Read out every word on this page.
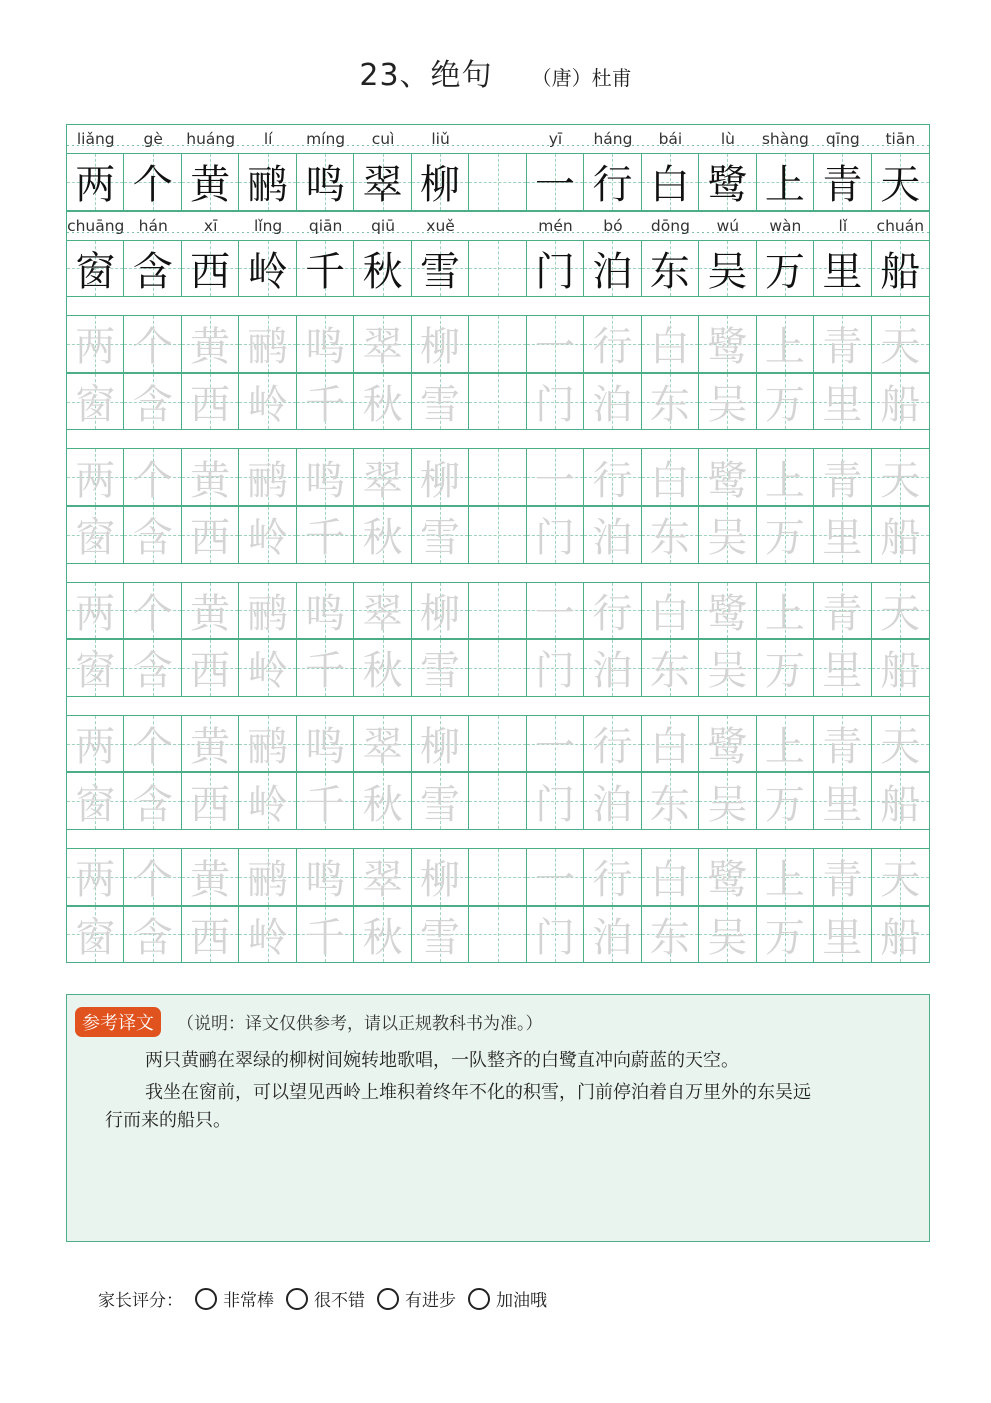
23、绝句 （唐）杜甫
liǎng	gè	huáng	lí	míng	cuì	liǔ	yī	háng	bái	lù	shàng	qīng	tiān
两 个 黄 鹂 鸣 翠 柳 一 行 白 鹭 上 青 天
chuāng hán	xī	lǐng	qiān	qiū	xuě	mén	bó	dōng	wú	wàn	lǐ	chuán
窗 含 西 岭 千 秋 雪 门 泊 东 吴 万 里 船
两 个 黄 鹂 鸣 翠 柳 一 行 白 鹭 上 青 天
窗 含 西 岭 千 秋 雪 门 泊 东 吴 万 里 船
两 个 黄 鹂 鸣 翠 柳 一 行 白 鹭 上 青 天
窗 含 西 岭 千 秋 雪 门 泊 东 吴 万 里 船
两 个 黄 鹂 鸣 翠 柳 一 行 白 鹭 上 青 天
窗 含 西 岭 千 秋 雪 门 泊 东 吴 万 里 船
两 个 黄 鹂 鸣 翠 柳 一 行 白 鹭 上 青 天
窗 含 西 岭 千 秋 雪 门 泊 东 吴 万 里 船
两 个 黄 鹂 鸣 翠 柳 一 行 白 鹭 上 青 天
窗 含 西 岭 千 秋 雪 门 泊 东 吴 万 里 船
参考译文	（说明：译文仅供参考，请以正规教科书为准。）
两只黄鹂在翠绿的柳树间婉转地歌唱，一队整齐的白鹭直冲向蔚蓝的天空。
我坐在窗前，可以望见西岭上堆积着终年不化的积雪，门前停泊着自万里外的东吴远
行而来的船只。
家长评分： 非常棒 很不错 有进步 加油哦
